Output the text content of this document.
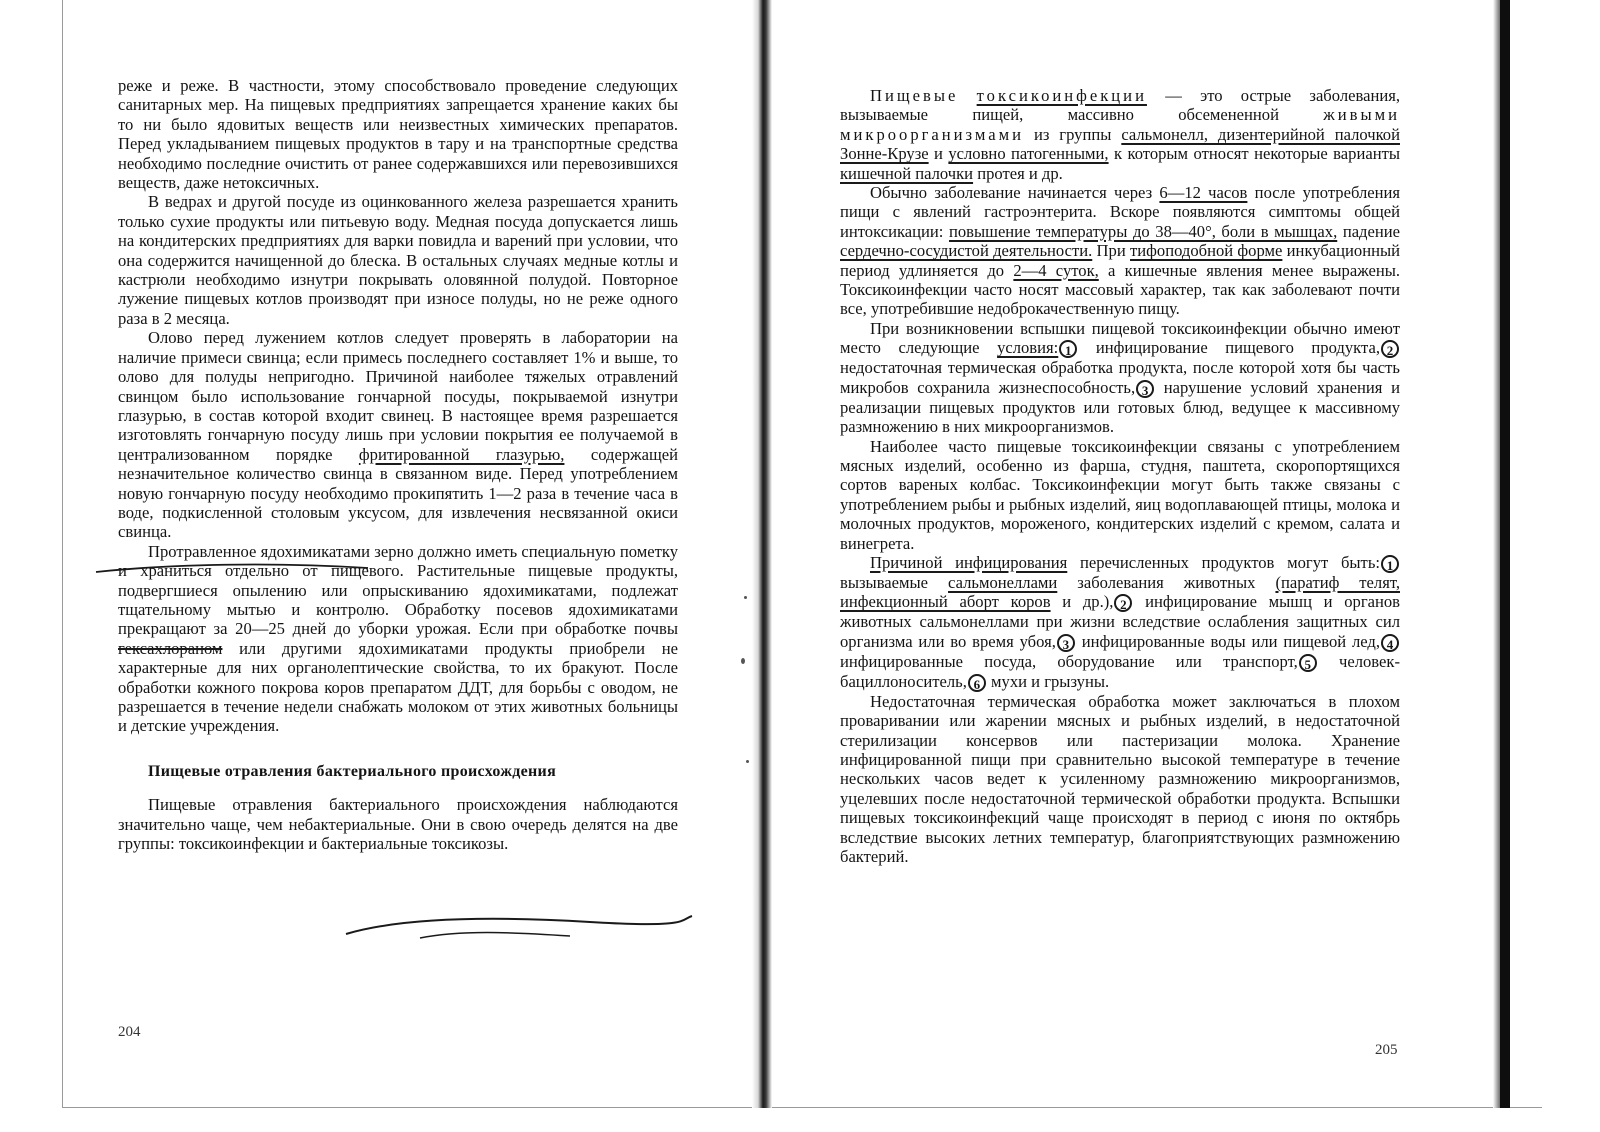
реже и реже. В частности, этому способствовало проведение следующих санитарных мер. На пищевых предприятиях запрещается хранение каких бы то ни было ядовитых веществ или неизвестных химических препаратов. Перед укладыванием пищевых продуктов в тару и на транспортные средства необходимо последние очистить от ранее содержавшихся или перевозившихся веществ, даже нетоксичных.

В ведрах и другой посуде из оцинкованного железа разрешается хранить только сухие продукты или питьевую воду. Медная посуда допускается лишь на кондитерских предприятиях для варки повидла и варений при условии, что она содержится начищенной до блеска. В остальных случаях медные котлы и кастрюли необходимо изнутри покрывать оловянной полудой. Повторное лужение пищевых котлов производят при износе полуды, но не реже одного раза в 2 месяца.

Олово перед лужением котлов следует проверять в лаборатории на наличие примеси свинца; если примесь последнего составляет 1% и выше, то олово для полуды непригодно. Причиной наиболее тяжелых отравлений свинцом было использование гончарной посуды, покрываемой изнутри глазурью, в состав которой входит свинец. В настоящее время разрешается изготовлять гончарную посуду лишь при условии покрытия ее получаемой в централизованном порядке фритированной глазурью, содержащей незначительное количество свинца в связанном виде. Перед употреблением новую гончарную посуду необходимо прокипятить 1—2 раза в течение часа в воде, подкисленной столовым уксусом, для извлечения несвязанной окиси свинца.

Протравленное ядохимикатами зерно должно иметь специальную пометку и храниться отдельно от пищевого. Растительные пищевые продукты, подвергшиеся опылению или опрыскиванию ядохимикатами, подлежат тщательному мытью и контролю. Обработку посевов ядохимикатами прекращают за 20—25 дней до уборки урожая. Если при обработке почвы гексахлораном или другими ядохимикатами продукты приобрели не характерные для них органолептические свойства, то их бракуют. После обработки кожного покрова коров препаратом ДДТ, для борьбы с оводом, не разрешается в течение недели снабжать молоком от этих животных больницы и детские учреждения.

Пищевые отравления бактериального происхождения

Пищевые отравления бактериального происхождения наблюдаются значительно чаще, чем небактериальные. Они в свою очередь делятся на две группы: токсикоинфекции и бактериальные токсикозы.

204

Пищевые токсикоинфекции — это острые заболевания, вызываемые пищей, массивно обсемененной живыми микроорганизмами из группы сальмонелл, дизентерийной палочкой Зонне-Крузе и условно патогенными, к которым относят некоторые варианты кишечной палочки протея и др.

Обычно заболевание начинается через 6—12 часов после употребления пищи с явлений гастроэнтерита. Вскоре появляются симптомы общей интоксикации: повышение температуры до 38—40°, боли в мышцах, падение сердечно-сосудистой деятельности. При тифоподобной форме инкубационный период удлиняется до 2—4 суток, а кишечные явления менее выражены. Токсикоинфекции часто носят массовый характер, так как заболевают почти все, употребившие недоброкачественную пищу.

При возникновении вспышки пищевой токсикоинфекции обычно имеют место следующие условия: 1 инфицирование пищевого продукта, 2 недостаточная термическая обработка продукта, после которой хотя бы часть микробов сохранила жизнеспособность, 3 нарушение условий хранения и реализации пищевых продуктов или готовых блюд, ведущее к массивному размножению в них микроорганизмов.

Наиболее часто пищевые токсикоинфекции связаны с употреблением мясных изделий, особенно из фарша, студня, паштета, скоропортящихся сортов вареных колбас. Токсикоинфекции могут быть также связаны с употреблением рыбы и рыбных изделий, яиц водоплавающей птицы, молока и молочных продуктов, мороженого, кондитерских изделий с кремом, салата и винегрета.

Причиной инфицирования перечисленных продуктов могут быть: 1 вызываемые сальмонеллами заболевания животных (паратиф телят, инфекционный аборт коров и др.), 2 инфицирование мышц и органов животных сальмонеллами при жизни вследствие ослабления защитных сил организма или во время убоя, 3 инфицированные воды или пищевой лед, 4 инфицированные посуда, оборудование или транспорт, 5 человек-бациллоноситель, 6 мухи и грызуны.

Недостаточная термическая обработка может заключаться в плохом проваривании или жарении мясных и рыбных изделий, в недостаточной стерилизации консервов или пастеризации молока. Хранение инфицированной пищи при сравнительно высокой температуре в течение нескольких часов ведет к усиленному размножению микроорганизмов, уцелевших после недостаточной термической обработки продукта. Вспышки пищевых токсикоинфекций чаще происходят в период с июня по октябрь вследствие высоких летних температур, благоприятствующих размножению бактерий.

205
